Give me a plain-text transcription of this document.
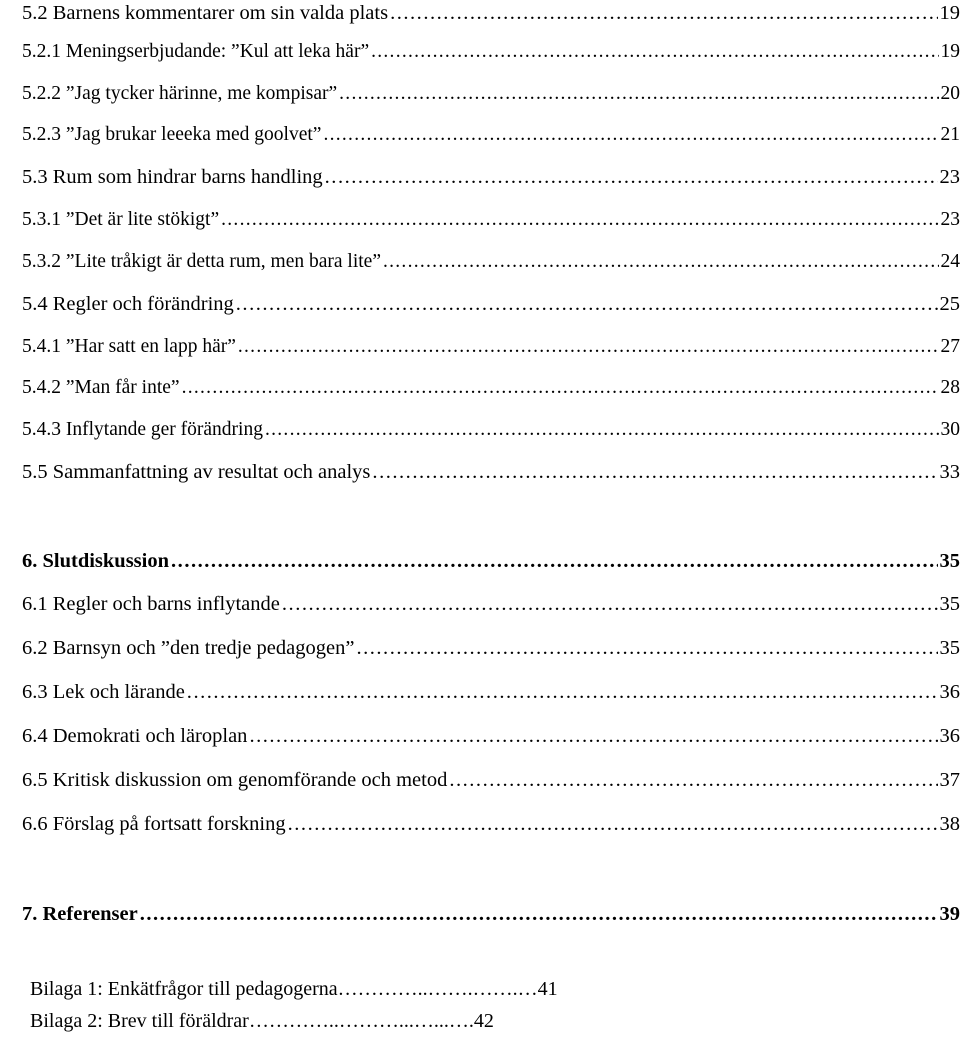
5.2 Barnens kommentarer om sin valda plats . . .	19
5.2.1 Meningserbjudande: ”Kul att leka här” . . .	19
5.2.2 ”Jag tycker härinne, me kompisar” . . .	20
5.2.3 ”Jag brukar leeeka med goolvet” . . .	21
5.3 Rum som hindrar barns handling . . .	23
5.3.1 ”Det är lite stökigt” . . .	23
5.3.2 ”Lite tråkigt är detta rum, men bara lite” . . .	24
5.4 Regler och förändring . . .	25
5.4.1 ”Har satt en lapp här” . . .	27
5.4.2 ”Man får inte” . . .	28
5.4.3 Inflytande ger förändring . . .	30
5.5 Sammanfattning av resultat och analys . . .	33
6. Slutdiskussion . . .	35
6.1 Regler och barns inflytande . . .	35
6.2 Barnsyn och ”den tredje pedagogen” . . .	35
6.3 Lek och lärande . . .	36
6.4 Demokrati och läroplan . . .	36
6.5 Kritisk diskussion om genomförande och metod . . .	37
6.6 Förslag på fortsatt forskning . . .	38
7. Referenser . . .	39
Bilaga 1: Enkätfrågor till pedagogerna…………..…….…….…41
Bilaga 2: Brev till föräldrar…………..………...…...….42
